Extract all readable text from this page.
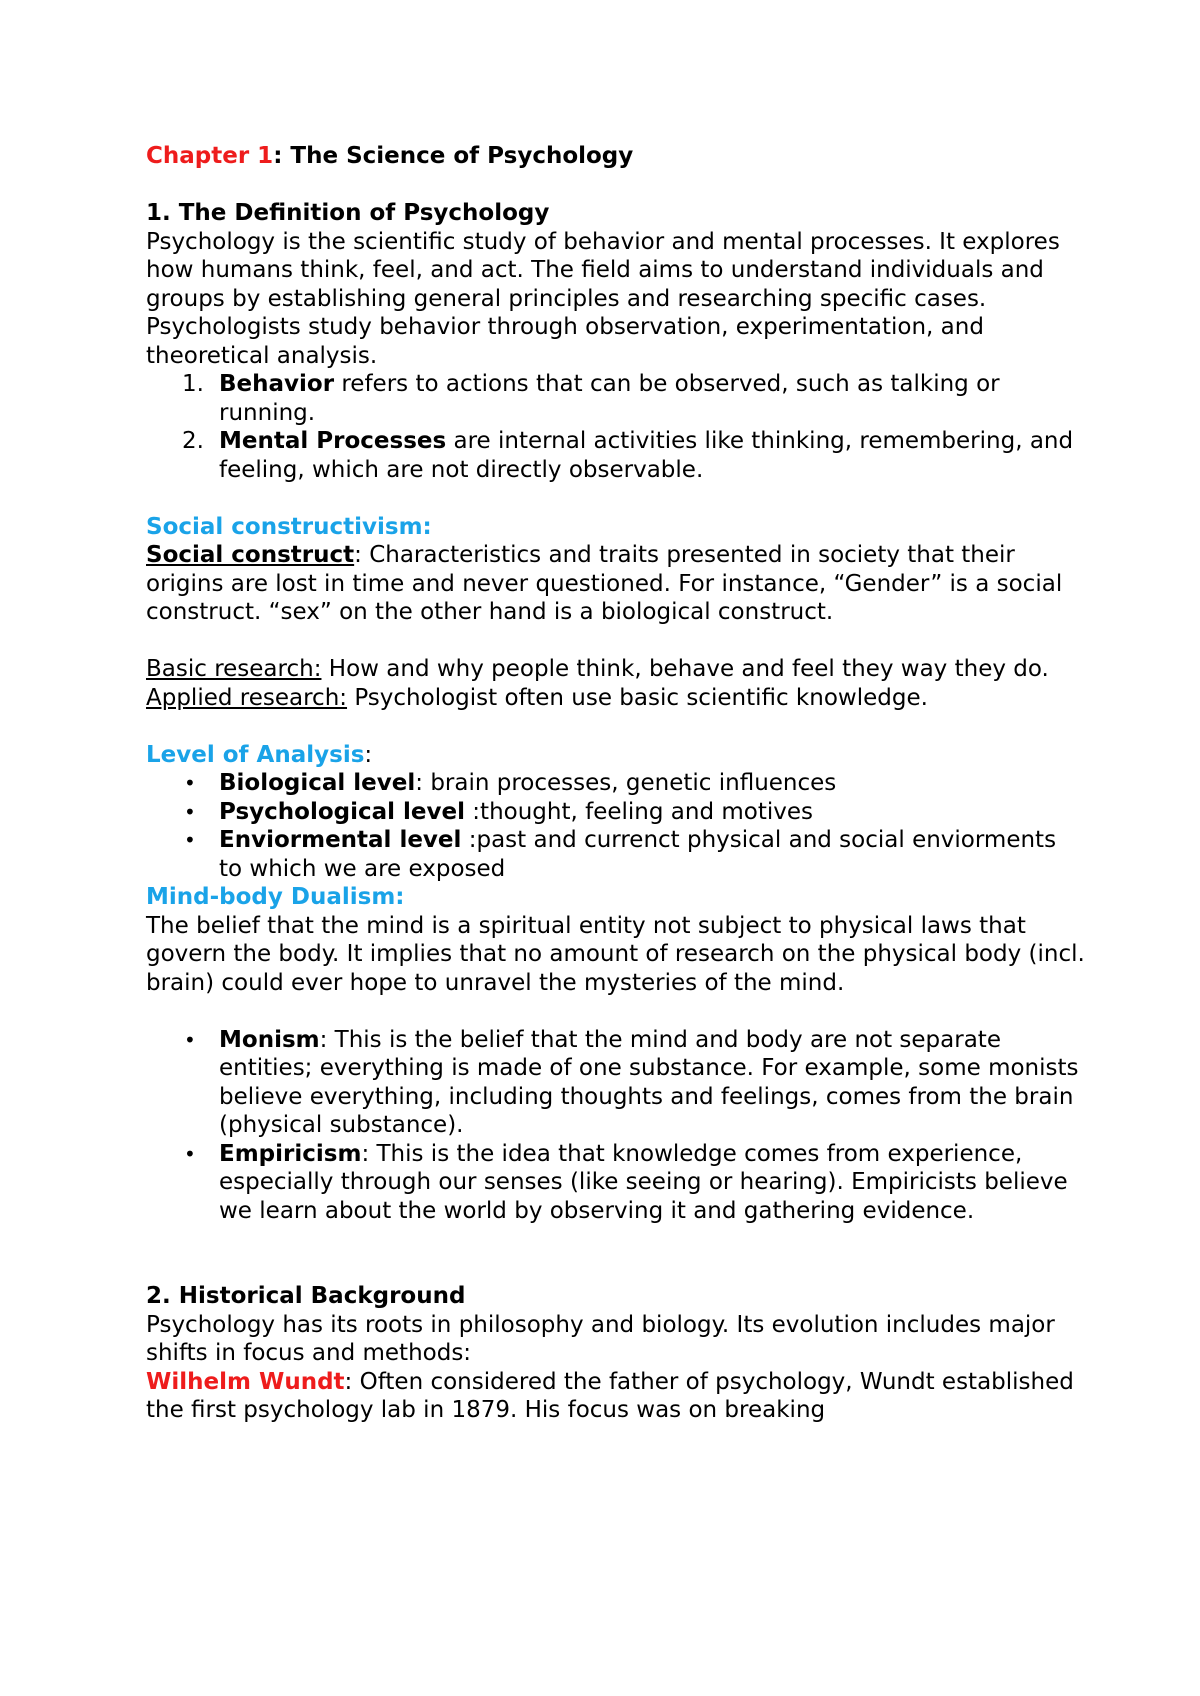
Chapter 1: The Science of Psychology

1. The Definition of Psychology

Psychology is the scientific study of behavior and mental processes. It explores how humans think, feel, and act. The field aims to understand individuals and groups by establishing general principles and researching specific cases. Psychologists study behavior through observation, experimentation, and theoretical analysis.

1. Behavior refers to actions that can be observed, such as talking or running.
2. Mental Processes are internal activities like thinking, remembering, and feeling, which are not directly observable.

Social constructivism:

Social construct: Characteristics and traits presented in society that their origins are lost in time and never questioned. For instance, “Gender” is a social construct. “sex” on the other hand is a biological construct.

Basic research: How and why people think, behave and feel they way they do.

Applied research: Psychologist often use basic scientific knowledge.

Level of Analysis:

• Biological level: brain processes, genetic influences
• Psychological level :thought, feeling and motives
• Enviormental level :past and currenct physical and social enviorments to which we are exposed

Mind-body Dualism:

The belief that the mind is a spiritual entity not subject to physical laws that govern the body. It implies that no amount of research on the physical body (incl. brain) could ever hope to unravel the mysteries of the mind.

• Monism: This is the belief that the mind and body are not separate entities; everything is made of one substance. For example, some monists believe everything, including thoughts and feelings, comes from the brain (physical substance).
• Empiricism: This is the idea that knowledge comes from experience, especially through our senses (like seeing or hearing). Empiricists believe we learn about the world by observing it and gathering evidence.

2. Historical Background

Psychology has its roots in philosophy and biology. Its evolution includes major shifts in focus and methods:

Wilhelm Wundt: Often considered the father of psychology, Wundt established the first psychology lab in 1879. His focus was on breaking
